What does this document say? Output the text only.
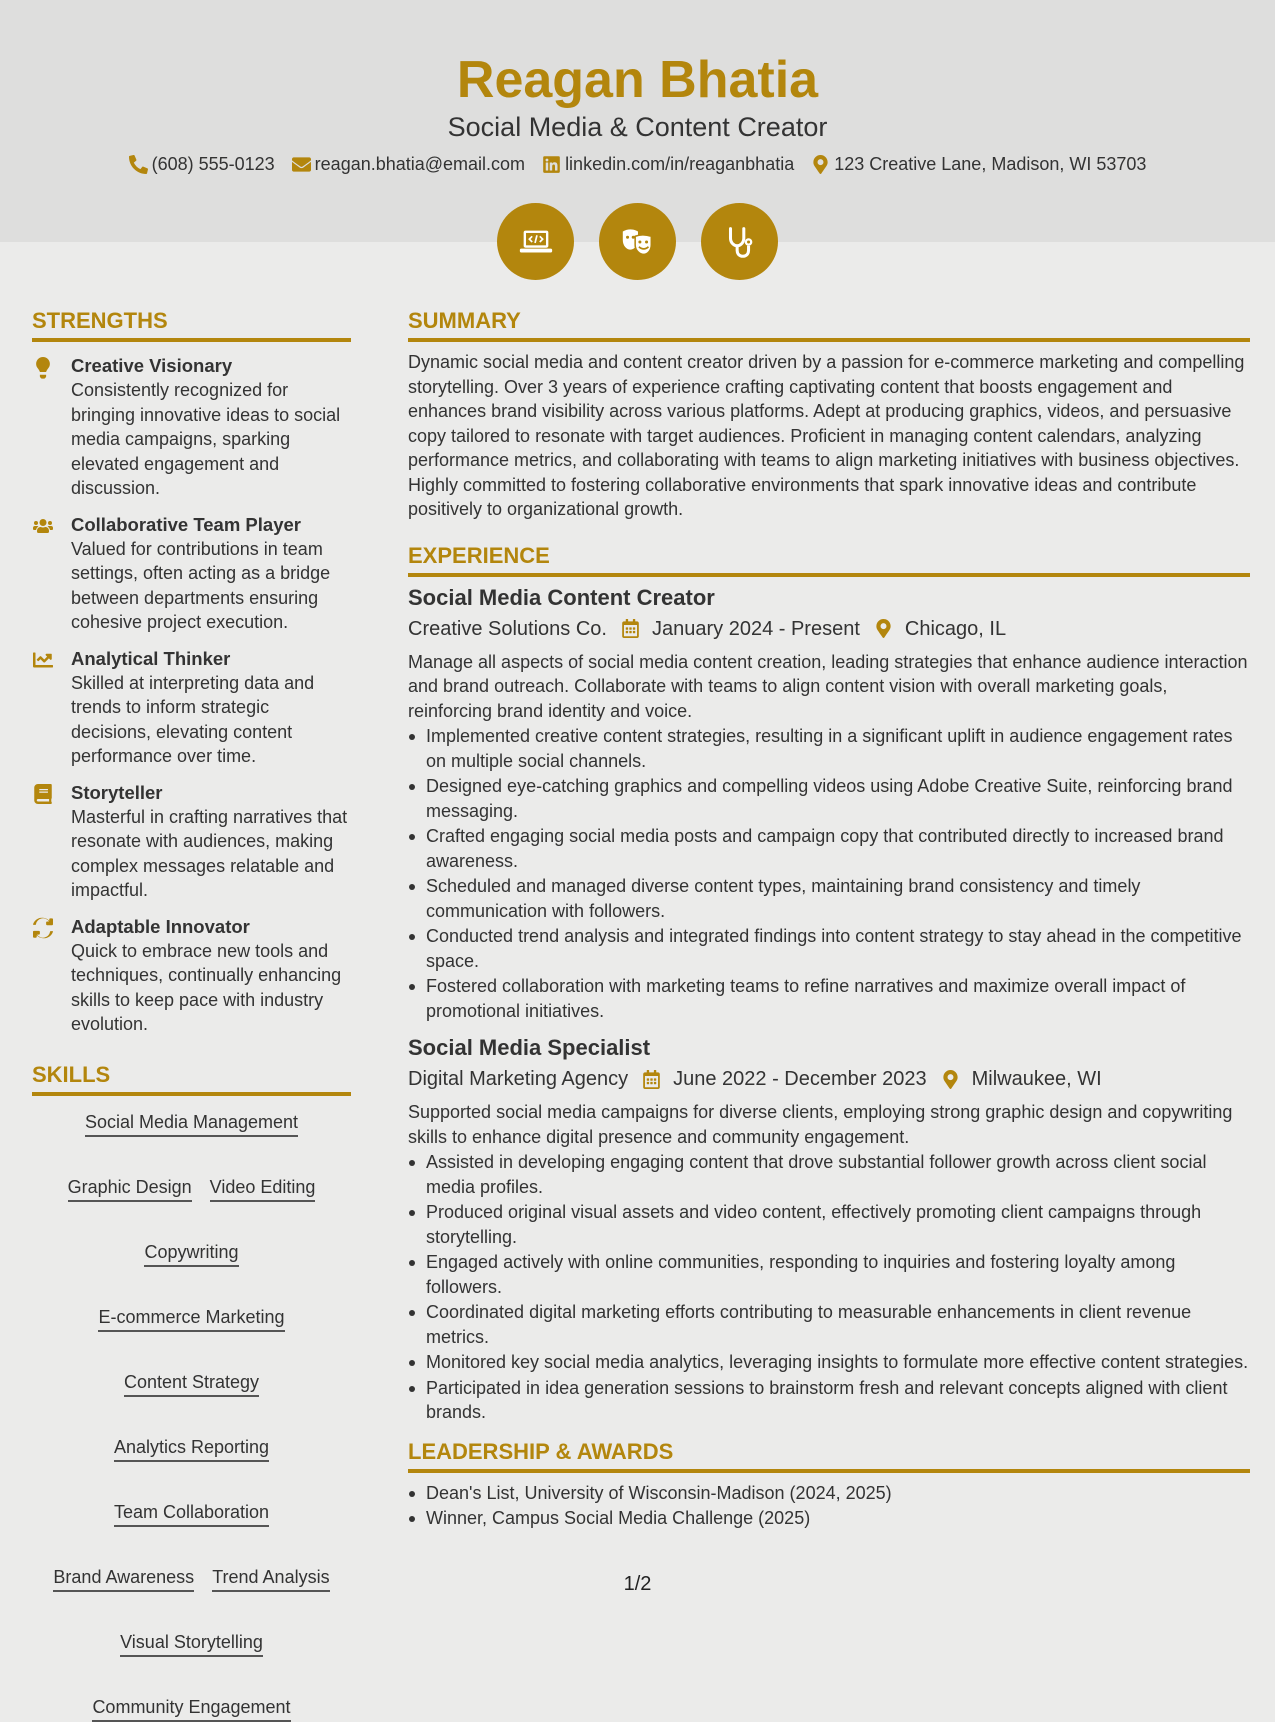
Reagan Bhatia
Social Media & Content Creator
(608) 555-0123 reagan.bhatia@email.com linkedin.com/in/reaganbhatia 123 Creative Lane, Madison, WI 53703
STRENGTHS
Creative Visionary
Consistently recognized for bringing innovative ideas to social media campaigns, sparking elevated engagement and discussion.
Collaborative Team Player
Valued for contributions in team settings, often acting as a bridge between departments ensuring cohesive project execution.
Analytical Thinker
Skilled at interpreting data and trends to inform strategic decisions, elevating content performance over time.
Storyteller
Masterful in crafting narratives that resonate with audiences, making complex messages relatable and impactful.
Adaptable Innovator
Quick to embrace new tools and techniques, continually enhancing skills to keep pace with industry evolution.
SKILLS
Social Media Management
Graphic Design Video Editing
Copywriting
E-commerce Marketing
Content Strategy
Analytics Reporting
Team Collaboration
Brand Awareness Trend Analysis
Visual Storytelling
Community Engagement
SUMMARY
Dynamic social media and content creator driven by a passion for e-commerce marketing and compelling storytelling. Over 3 years of experience crafting captivating content that boosts engagement and enhances brand visibility across various platforms. Adept at producing graphics, videos, and persuasive copy tailored to resonate with target audiences. Proficient in managing content calendars, analyzing performance metrics, and collaborating with teams to align marketing initiatives with business objectives. Highly committed to fostering collaborative environments that spark innovative ideas and contribute positively to organizational growth.
EXPERIENCE
Social Media Content Creator
Creative Solutions Co. January 2024 - Present Chicago, IL
Manage all aspects of social media content creation, leading strategies that enhance audience interaction and brand outreach. Collaborate with teams to align content vision with overall marketing goals, reinforcing brand identity and voice.
Implemented creative content strategies, resulting in a significant uplift in audience engagement rates on multiple social channels.
Designed eye-catching graphics and compelling videos using Adobe Creative Suite, reinforcing brand messaging.
Crafted engaging social media posts and campaign copy that contributed directly to increased brand awareness.
Scheduled and managed diverse content types, maintaining brand consistency and timely communication with followers.
Conducted trend analysis and integrated findings into content strategy to stay ahead in the competitive space.
Fostered collaboration with marketing teams to refine narratives and maximize overall impact of promotional initiatives.
Social Media Specialist
Digital Marketing Agency June 2022 - December 2023 Milwaukee, WI
Supported social media campaigns for diverse clients, employing strong graphic design and copywriting skills to enhance digital presence and community engagement.
Assisted in developing engaging content that drove substantial follower growth across client social media profiles.
Produced original visual assets and video content, effectively promoting client campaigns through storytelling.
Engaged actively with online communities, responding to inquiries and fostering loyalty among followers.
Coordinated digital marketing efforts contributing to measurable enhancements in client revenue metrics.
Monitored key social media analytics, leveraging insights to formulate more effective content strategies.
Participated in idea generation sessions to brainstorm fresh and relevant concepts aligned with client brands.
LEADERSHIP & AWARDS
Dean's List, University of Wisconsin-Madison (2024, 2025)
Winner, Campus Social Media Challenge (2025)
1/2
